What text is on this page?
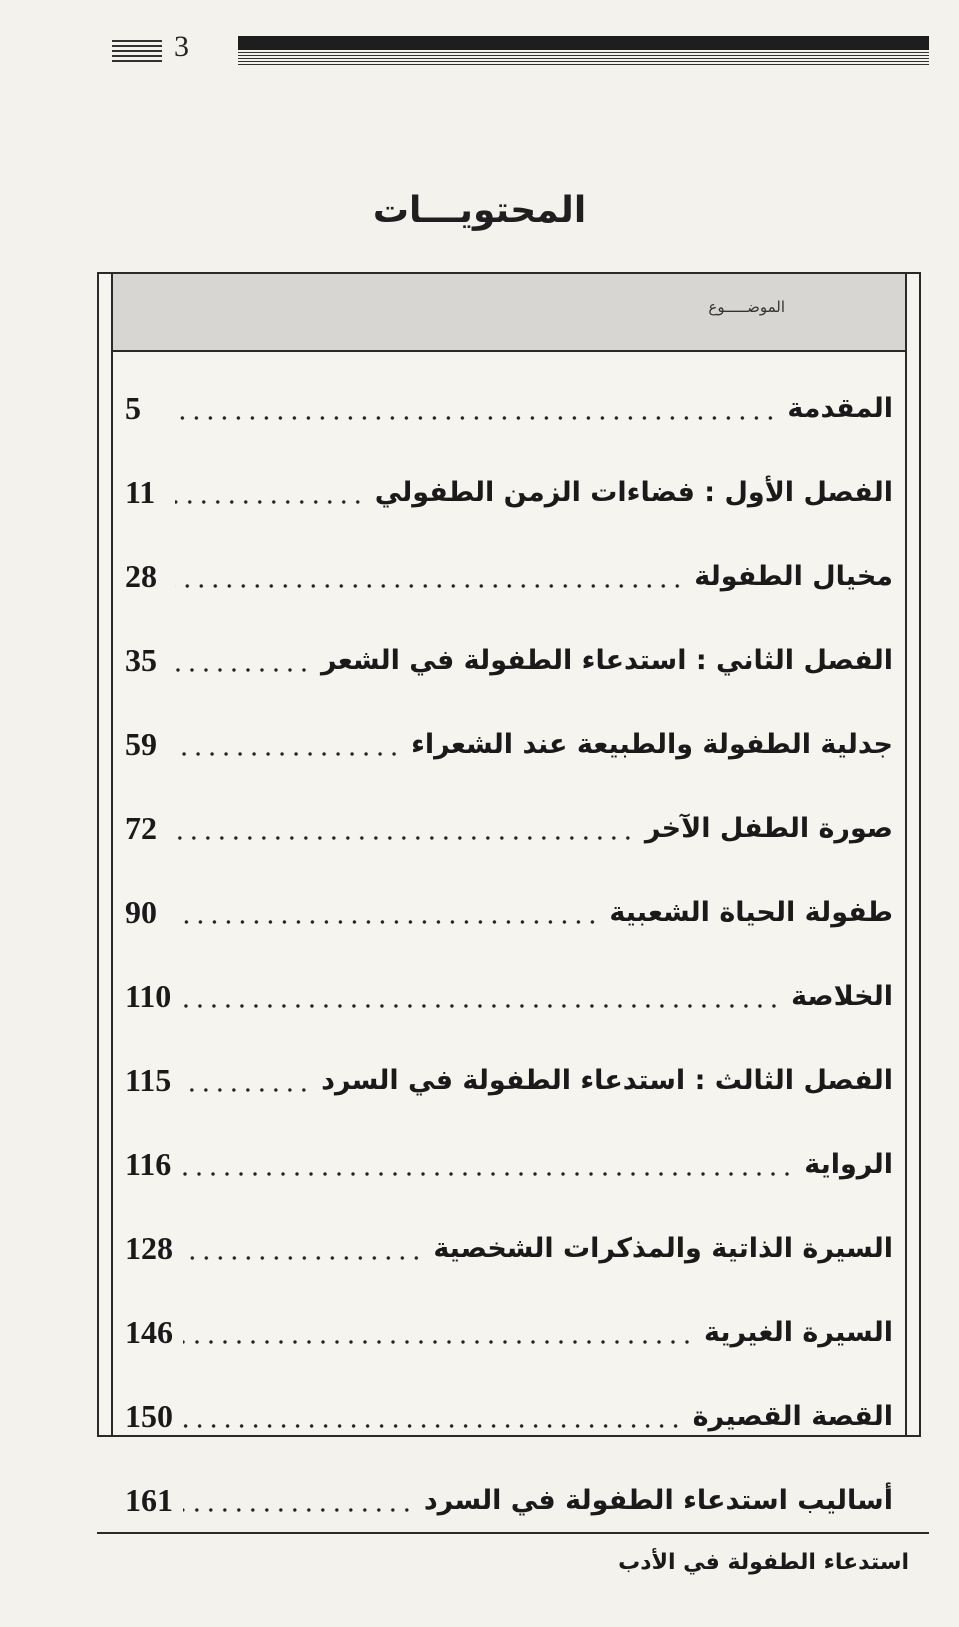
3
المحتويـــات
الموضـــــوع
5	المقدمة
11	الفصل الأول : فضاءات الزمن الطفولي
28	مخيال الطفولة
35	الفصل الثاني : استدعاء الطفولة في الشعر
59	جدلية الطفولة والطبيعة عند الشعراء
72	صورة الطفل الآخر
90	طفولة الحياة الشعبية
110	الخلاصة
115	الفصل الثالث : استدعاء الطفولة في السرد
116	الرواية
128	السيرة الذاتية والمذكرات الشخصية
146	السيرة الغيرية
150	القصة القصيرة
161	أساليب استدعاء الطفولة في السرد
استدعاء الطفولة في الأدب
